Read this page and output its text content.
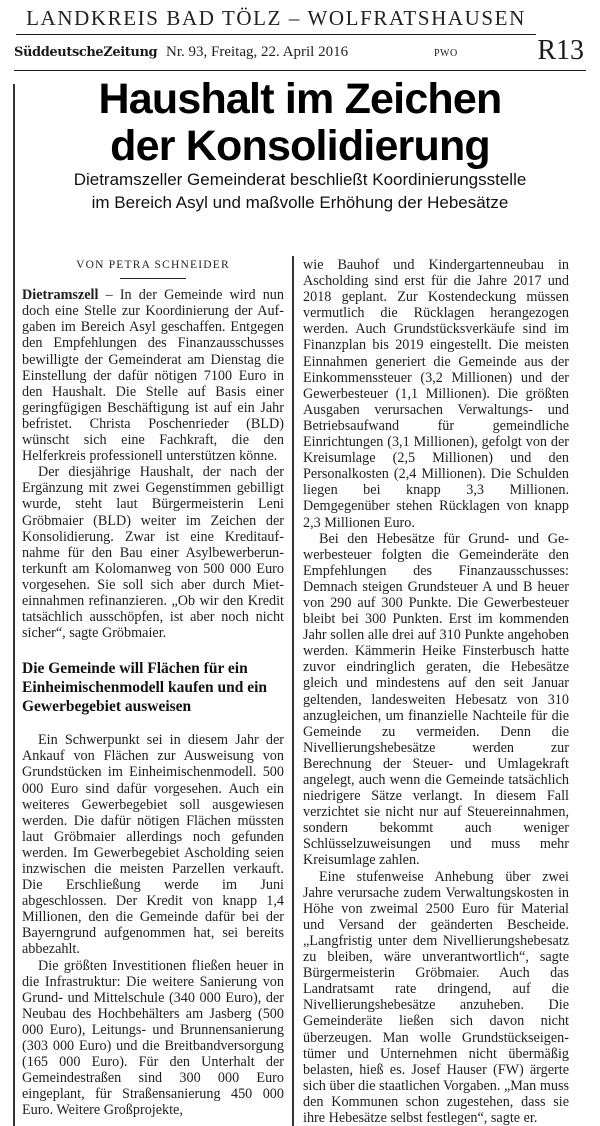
LANDKREIS BAD TÖLZ – WOLFRATSHAUSEN
SüddeutscheZeitung Nr. 93, Freitag, 22. April 2016	PWO	R13
Haushalt im Zeichen
der Konsolidierung
Dietramszeller Gemeinderat beschließt Koordinierungsstelle
im Bereich Asyl und maßvolle Erhöhung der Hebesätze
VON PETRA SCHNEIDER

Dietramszell – In der Gemeinde wird nun doch eine Stelle zur Koordinierung der Aufgaben im Bereich Asyl geschaffen. Entgegen den Empfehlungen des Finanzausschusses bewilligte der Gemeinderat am Dienstag die Einstellung der dafür nötigen 7100 Euro in den Haushalt. Die Stelle auf Basis einer geringfügigen Beschäftigung ist auf ein Jahr befristet. Christa Poschenrieder (BLD) wünscht sich eine Fachkraft, die den Helferkreis professionell unterstützen könne.

Der diesjährige Haushalt, der nach der Ergänzung mit zwei Gegenstimmen gebilligt wurde, steht laut Bürgermeisterin Leni Gröbmaier (BLD) weiter im Zeichen der Konsolidierung. Zwar ist eine Kreditaufnahme für den Bau einer Asylbewerberunterkunft am Kolomanweg von 500 000 Euro vorgesehen. Sie soll sich aber durch Mieteinnahmen refinanzieren. „Ob wir den Kredit tatsächlich ausschöpfen, ist aber noch nicht sicher“, sagte Gröbmaier.

Die Gemeinde will Flächen für ein Einheimischenmodell kaufen und ein Gewerbegebiet ausweisen

Ein Schwerpunkt sei in diesem Jahr der Ankauf von Flächen zur Ausweisung von Grundstücken im Einheimischenmodell. 500 000 Euro sind dafür vorgesehen. Auch ein weiteres Gewerbegebiet soll ausgewiesen werden. Die dafür nötigen Flächen müssten laut Gröbmaier allerdings noch gefunden werden. Im Gewerbegebiet Ascholding seien inzwischen die meisten Parzellen verkauft. Die Erschließung werde im Juni abgeschlossen. Der Kredit von knapp 1,4 Millionen, den die Gemeinde dafür bei der Bayerngrund aufgenommen hat, sei bereits abbezahlt.

Die größten Investitionen fließen heuer in die Infrastruktur: Die weitere Sanierung von Grund- und Mittelschule (340 000 Euro), der Neubau des Hochbehälters am Jasberg (500 000 Euro), Leitungs- und Brunnensanierung (303 000 Euro) und die Breitbandversorgung (165 000 Euro). Für den Unterhalt der Gemeindestraßen sind 300 000 Euro eingeplant, für Straßensanierung 450 000 Euro. Weitere Großprojekte,

wie Bauhof und Kindergartenneubau in Ascholding sind erst für die Jahre 2017 und 2018 geplant. Zur Kostendeckung müssen vermutlich die Rücklagen herangezogen werden. Auch Grundstücksverkäufe sind im Finanzplan bis 2019 eingestellt. Die meisten Einnahmen generiert die Gemeinde aus der Einkommenssteuer (3,2 Millionen) und der Gewerbesteuer (1,1 Millionen). Die größten Ausgaben verursachen Verwaltungs- und Betriebsaufwand für gemeindliche Einrichtungen (3,1 Millionen), gefolgt von der Kreisumlage (2,5 Millionen) und den Personalkosten (2,4 Millionen). Die Schulden liegen bei knapp 3,3 Millionen. Demgegenüber stehen Rücklagen von knapp 2,3 Millionen Euro.

Bei den Hebesätze für Grund- und Gewerbesteuer folgten die Gemeinderäte den Empfehlungen des Finanzausschusses: Demnach steigen Grundsteuer A und B heuer von 290 auf 300 Punkte. Die Gewerbesteuer bleibt bei 300 Punkten. Erst im kommenden Jahr sollen alle drei auf 310 Punkte angehoben werden. Kämmerin Heike Finsterbusch hatte zuvor eindringlich geraten, die Hebesätze gleich und mindestens auf den seit Januar geltenden, landesweiten Hebesatz von 310 anzugleichen, um finanzielle Nachteile für die Gemeinde zu vermeiden. Denn die Nivellierungshebesätze werden zur Berechnung der Steuer- und Umlagekraft angelegt, auch wenn die Gemeinde tatsächlich niedrigere Sätze verlangt. In diesem Fall verzichtet sie nicht nur auf Steuereinnahmen, sondern bekommt auch weniger Schlüsselzuweisungen und muss mehr Kreisumlage zahlen.

Eine stufenweise Anhebung über zwei Jahre verursache zudem Verwaltungskosten in Höhe von zweimal 2500 Euro für Material und Versand der geänderten Bescheide. „Langfristig unter dem Nivellierungshebesatz zu bleiben, wäre unverantwortlich“, sagte Bürgermeisterin Gröbmaier. Auch das Landratsamt rate dringend, auf die Nivellierungshebesätze anzuheben. Die Gemeinderäte ließen sich davon nicht überzeugen. Man wolle Grundstückseigentümer und Unternehmen nicht übermäßig belasten, hieß es. Josef Hauser (FW) ärgerte sich über die staatlichen Vorgaben. „Man muss den Kommunen schon zugestehen, dass sie ihre Hebesätze selbst festlegen“, sagte er.
